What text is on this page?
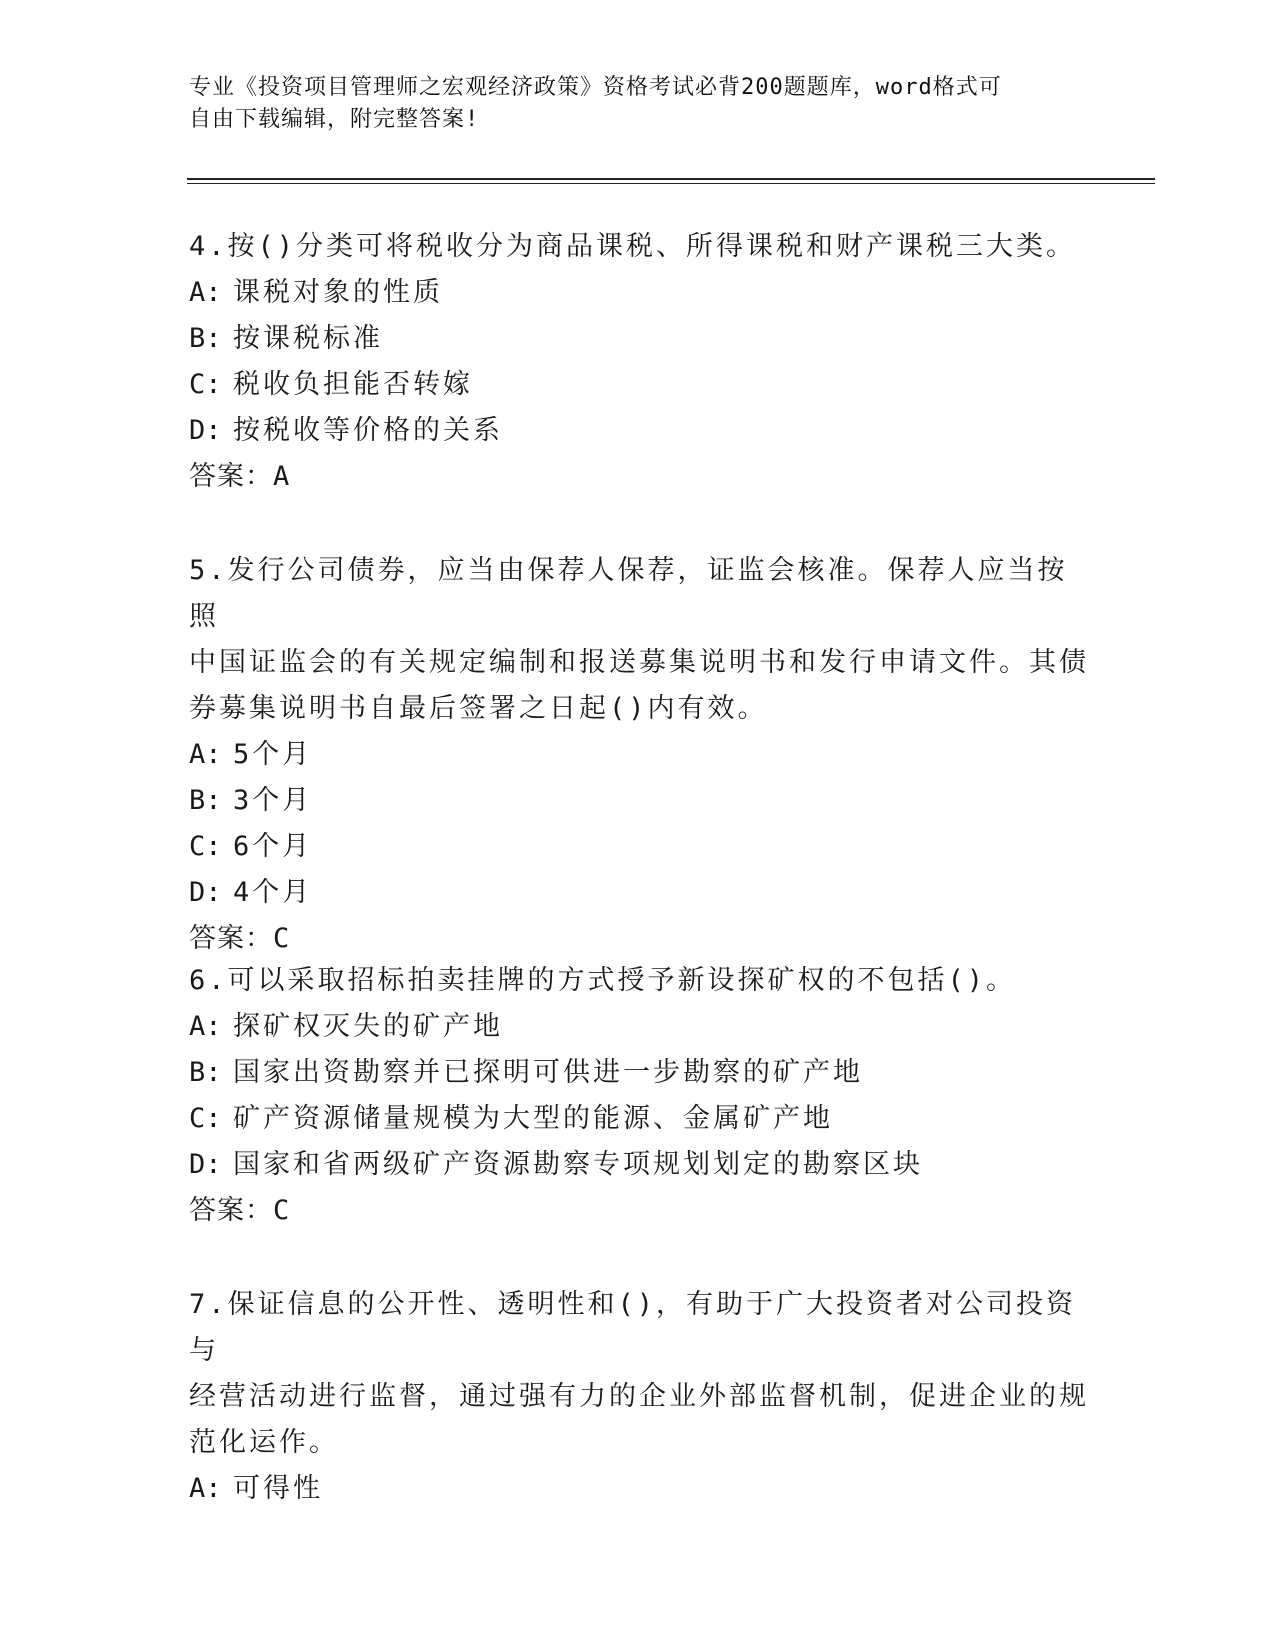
专业《投资项目管理师之宏观经济政策》资格考试必背200题题库，word格式可
自由下载编辑，附完整答案!
4.按()分类可将税收分为商品课税、所得课税和财产课税三大类。
A: 课税对象的性质
B: 按课税标准
C: 税收负担能否转嫁
D: 按税收等价格的关系
答案：A
5.发行公司债券，应当由保荐人保荐，证监会核准。保荐人应当按照
中国证监会的有关规定编制和报送募集说明书和发行申请文件。其债
券募集说明书自最后签署之日起()内有效。
A: 5个月
B: 3个月
C: 6个月
D: 4个月
答案：C
6.可以采取招标拍卖挂牌的方式授予新设探矿权的不包括()。
A: 探矿权灭失的矿产地
B: 国家出资勘察并已探明可供进一步勘察的矿产地
C: 矿产资源储量规模为大型的能源、金属矿产地
D: 国家和省两级矿产资源勘察专项规划划定的勘察区块
答案：C
7.保证信息的公开性、透明性和()，有助于广大投资者对公司投资与
经营活动进行监督，通过强有力的企业外部监督机制，促进企业的规
范化运作。
A: 可得性
